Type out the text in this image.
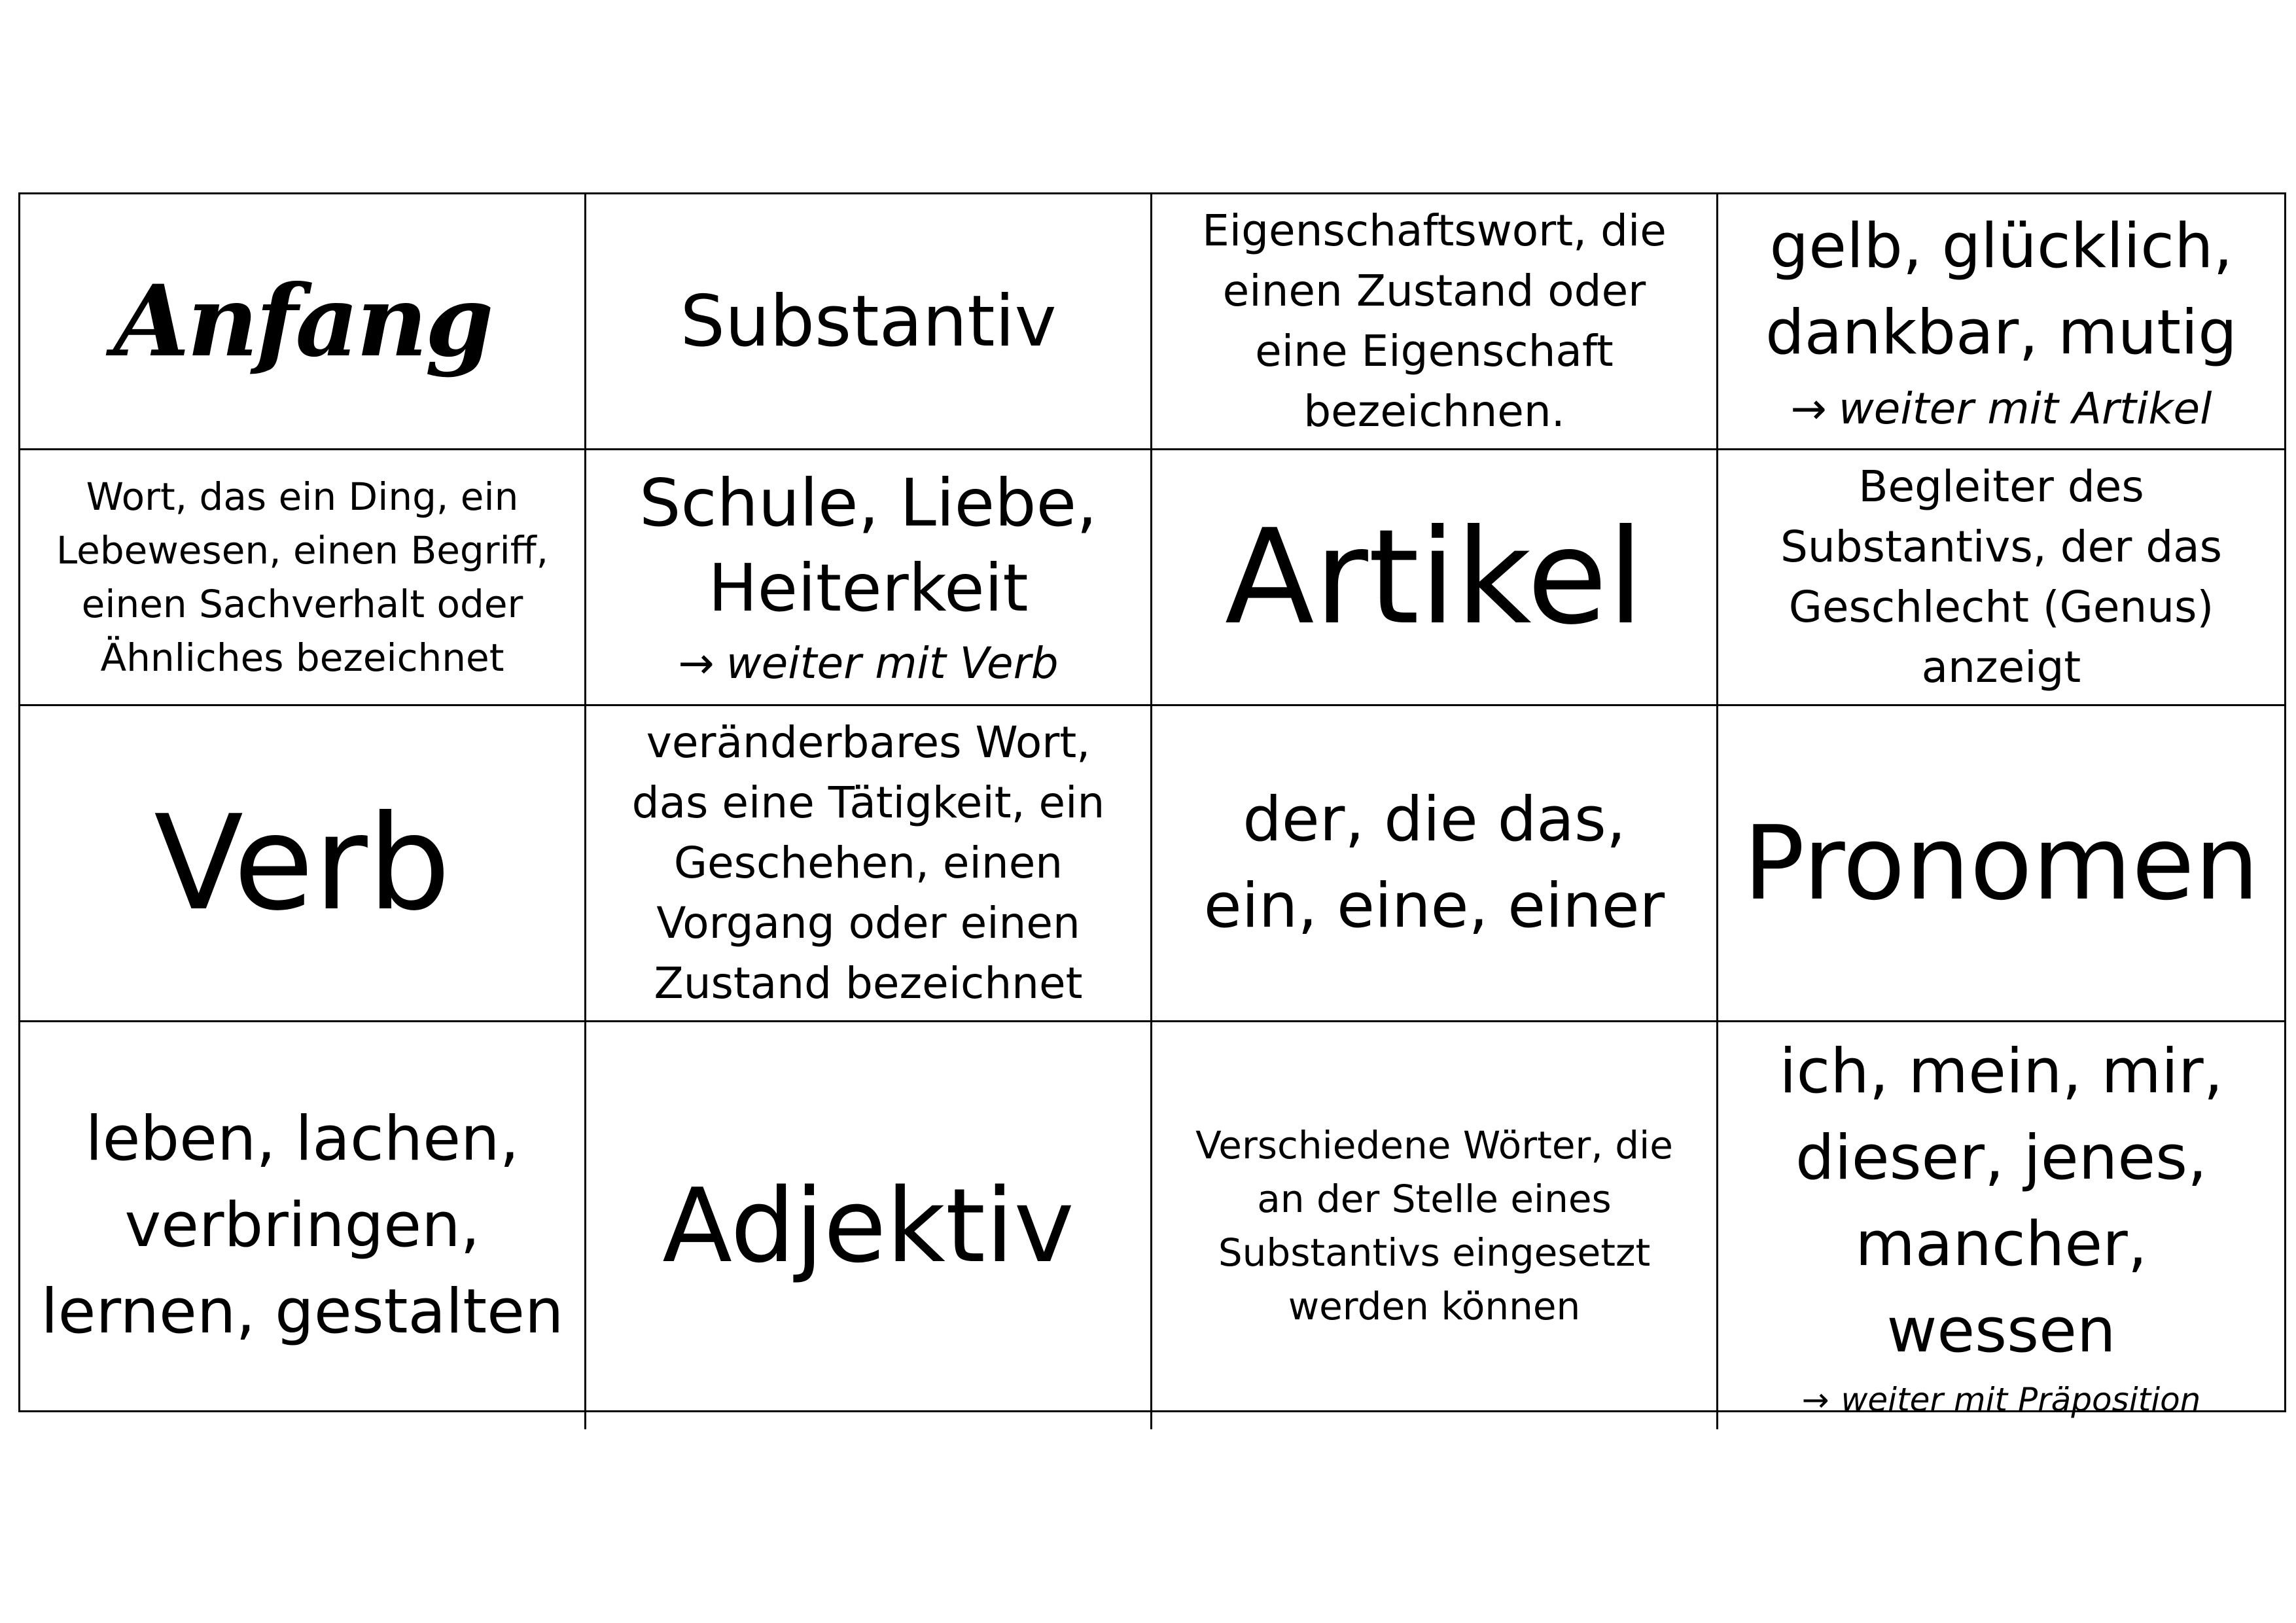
Anfang	Substantiv
Eigenschaftswort, die
einen Zustand oder
eine Eigenschaft
bezeichnen.
gelb, glücklich,
dankbar, mutig
→ weiter mit Artikel
Wort, das ein Ding, ein
Lebewesen, einen Begriff,
einen Sachverhalt oder
Ähnliches bezeichnet
Schule, Liebe,
Heiterkeit
→ weiter mit Verb
Artikel
Begleiter des
Substantivs, der das
Geschlecht (Genus)
anzeigt
Verb
veränderbares Wort,
das eine Tätigkeit, ein
Geschehen, einen
Vorgang oder einen
Zustand bezeichnet
der, die das,
ein, eine, einer Pronomen
leben, lachen,
verbringen,
lernen, gestalten
Adjektiv
Verschiedene Wörter, die
an der Stelle eines
Substantivs eingesetzt
werden können
ich, mein, mir,
dieser, jenes,
mancher, wessen
→ weiter mit Präposition
